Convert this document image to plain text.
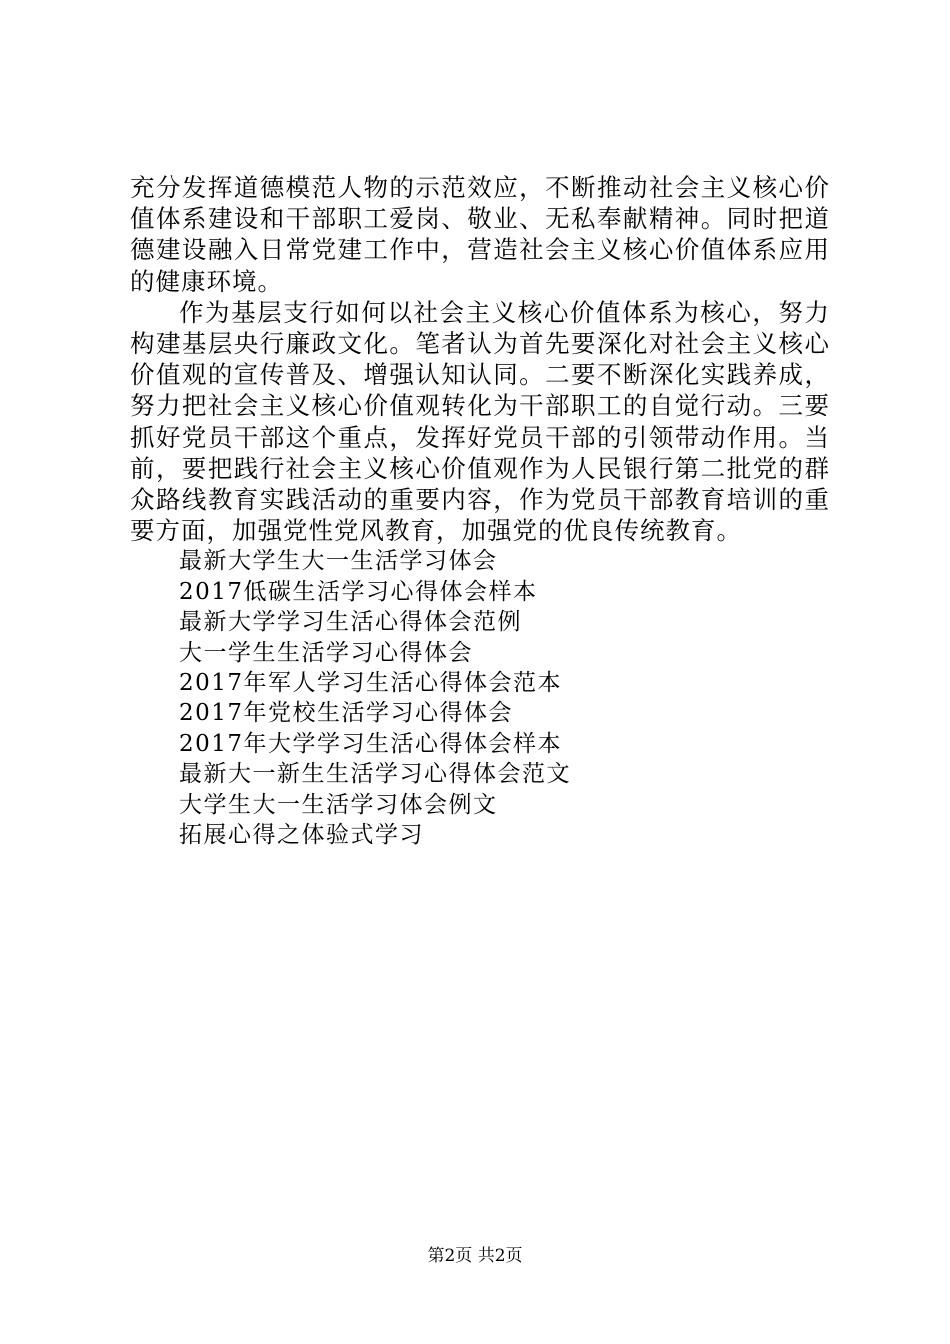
充分发挥道德模范人物的示范效应，不断推动社会主义核心价值体系建设和干部职工爱岗、敬业、无私奉献精神。同时把道德建设融入日常党建工作中，营造社会主义核心价值体系应用的健康环境。

作为基层支行如何以社会主义核心价值体系为核心，努力构建基层央行廉政文化。笔者认为首先要深化对社会主义核心价值观的宣传普及、增强认知认同。二要不断深化实践养成，努力把社会主义核心价值观转化为干部职工的自觉行动。三要抓好党员干部这个重点，发挥好党员干部的引领带动作用。当前，要把践行社会主义核心价值观作为人民银行第二批党的群众路线教育实践活动的重要内容，作为党员干部教育培训的重要方面，加强党性党风教育，加强党的优良传统教育。

最新大学生大一生活学习体会
2017低碳生活学习心得体会样本
最新大学学习生活心得体会范例
大一学生生活学习心得体会
2017年军人学习生活心得体会范本
2017年党校生活学习心得体会
2017年大学学习生活心得体会样本
最新大一新生生活学习心得体会范文
大学生大一生活学习体会例文
拓展心得之体验式学习
第2页 共2页
